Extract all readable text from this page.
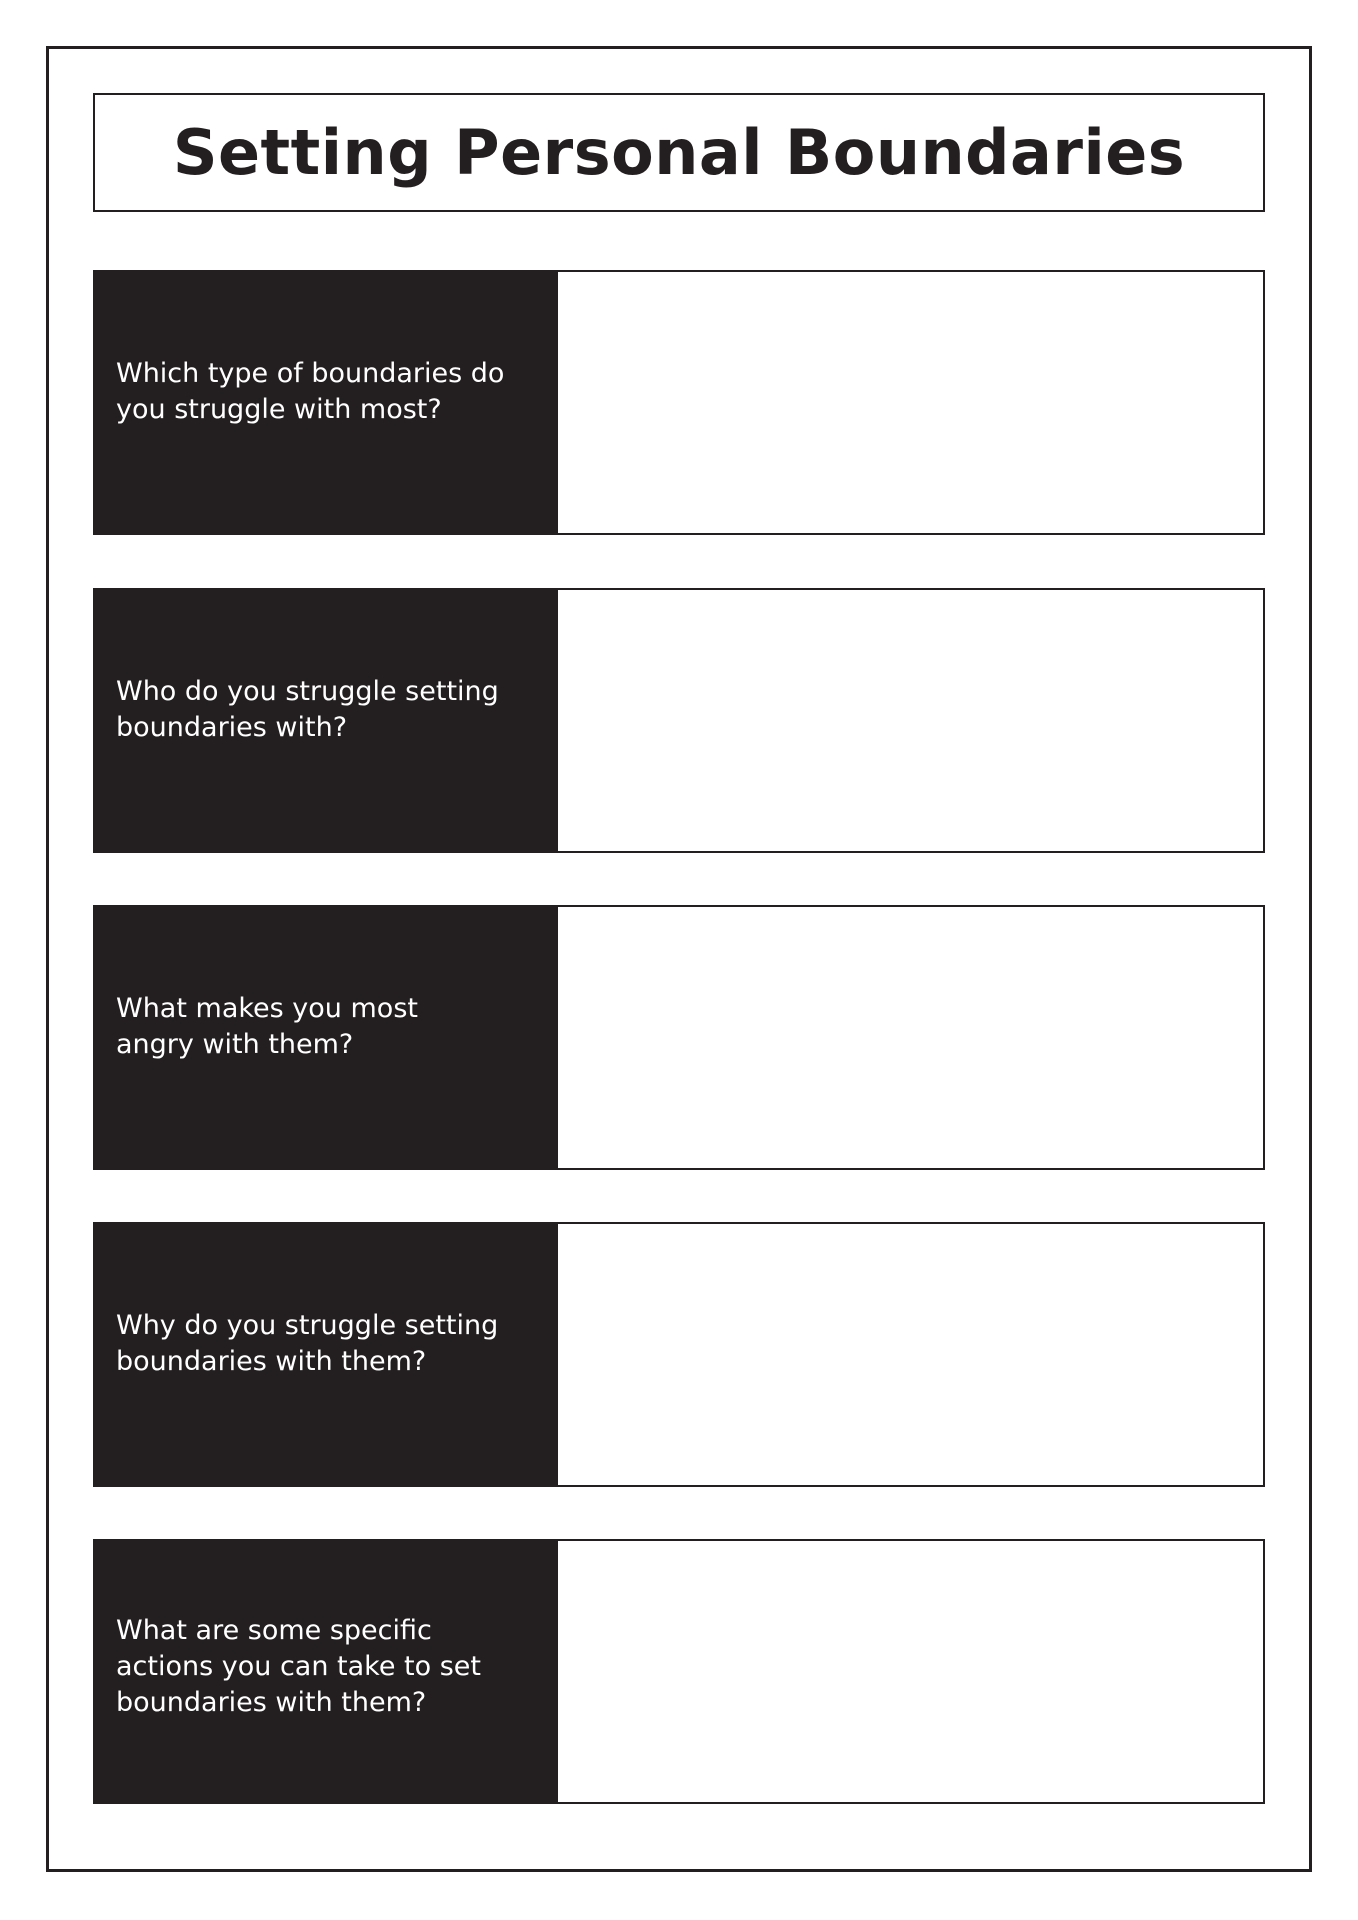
Setting Personal Boundaries

Which type of boundaries do you struggle with most?

Who do you struggle setting boundaries with?

What makes you most angry with them?

Why do you struggle setting boundaries with them?

What are some specific actions you can take to set boundaries with them?
